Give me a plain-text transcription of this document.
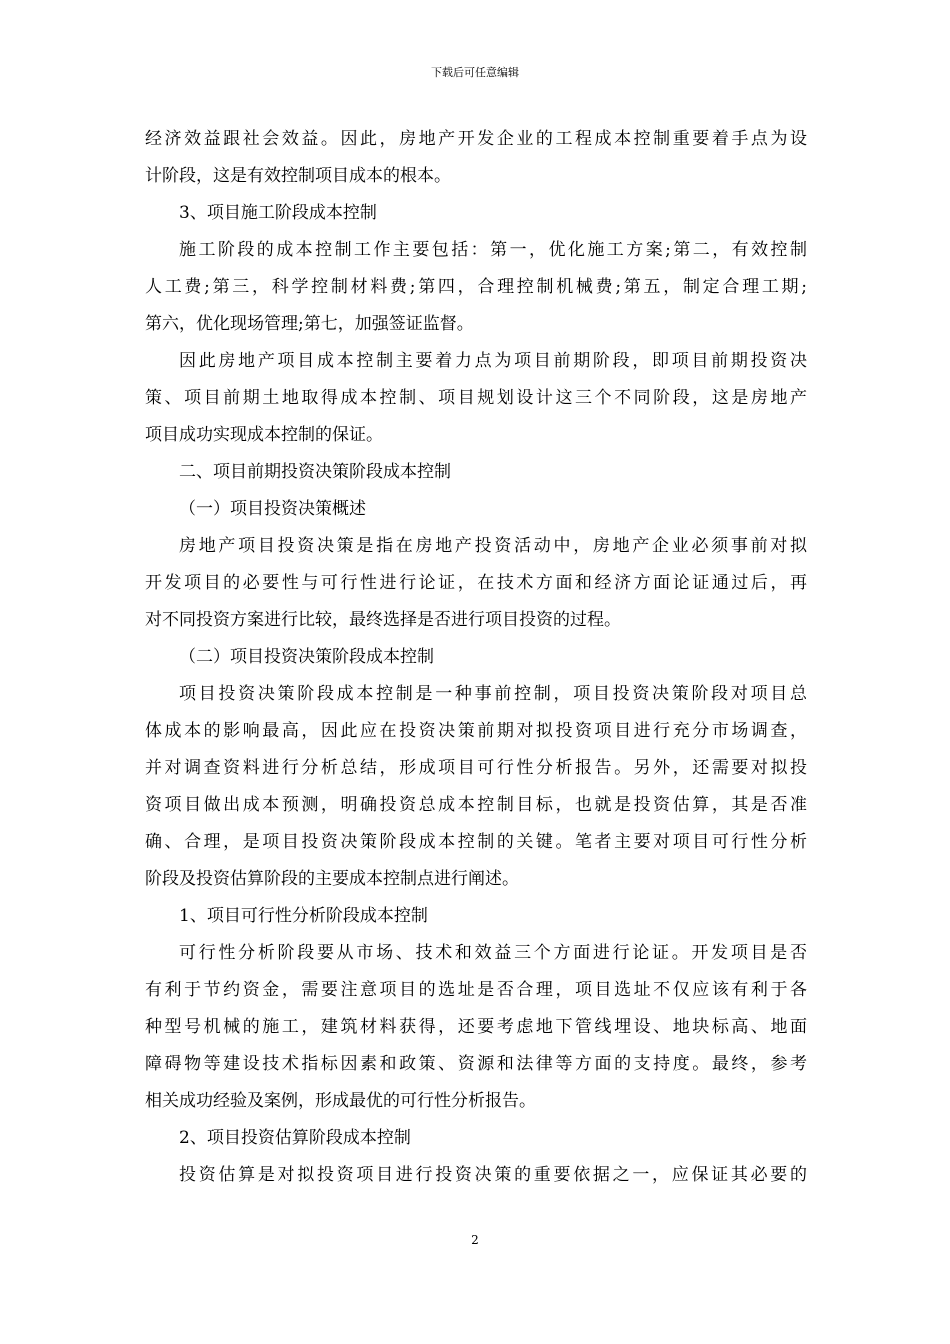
下载后可任意编辑
经济效益跟社会效益。因此，房地产开发企业的工程成本控制重要着手点为设
计阶段，这是有效控制项目成本的根本。
3、项目施工阶段成本控制
施工阶段的成本控制工作主要包括：第一，优化施工方案;第二，有效控制
人工费;第三，科学控制材料费;第四，合理控制机械费;第五，制定合理工期;
第六，优化现场管理;第七，加强签证监督。
因此房地产项目成本控制主要着力点为项目前期阶段，即项目前期投资决
策、项目前期土地取得成本控制、项目规划设计这三个不同阶段，这是房地产
项目成功实现成本控制的保证。
二、项目前期投资决策阶段成本控制
（一）项目投资决策概述
房地产项目投资决策是指在房地产投资活动中，房地产企业必须事前对拟
开发项目的必要性与可行性进行论证，在技术方面和经济方面论证通过后，再
对不同投资方案进行比较，最终选择是否进行项目投资的过程。
（二）项目投资决策阶段成本控制
项目投资决策阶段成本控制是一种事前控制，项目投资决策阶段对项目总
体成本的影响最高，因此应在投资决策前期对拟投资项目进行充分市场调查，
并对调查资料进行分析总结，形成项目可行性分析报告。另外，还需要对拟投
资项目做出成本预测，明确投资总成本控制目标，也就是投资估算，其是否准
确、合理，是项目投资决策阶段成本控制的关键。笔者主要对项目可行性分析
阶段及投资估算阶段的主要成本控制点进行阐述。
1、项目可行性分析阶段成本控制
可行性分析阶段要从市场、技术和效益三个方面进行论证。开发项目是否
有利于节约资金，需要注意项目的选址是否合理，项目选址不仅应该有利于各
种型号机械的施工，建筑材料获得，还要考虑地下管线埋设、地块标高、地面
障碍物等建设技术指标因素和政策、资源和法律等方面的支持度。最终，参考
相关成功经验及案例，形成最优的可行性分析报告。
2、项目投资估算阶段成本控制
投资估算是对拟投资项目进行投资决策的重要依据之一，应保证其必要的
2
